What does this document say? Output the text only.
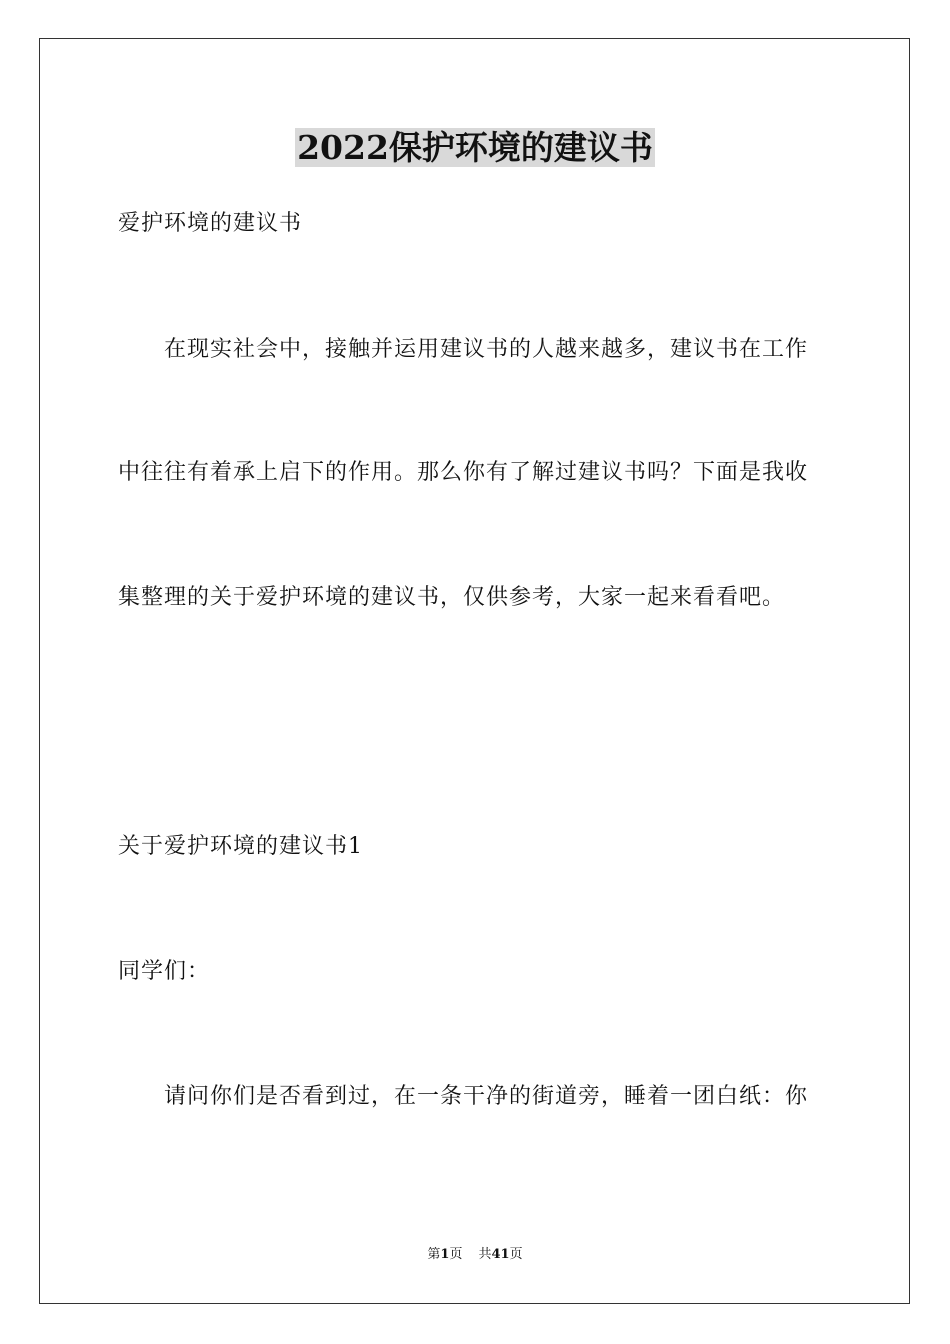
2022保护环境的建议书
爱护环境的建议书
在现实社会中，接触并运用建议书的人越来越多，建议书在工作
中往往有着承上启下的作用。那么你有了解过建议书吗？下面是我收
集整理的关于爱护环境的建议书，仅供参考，大家一起来看看吧。
关于爱护环境的建议书1
同学们：
请问你们是否看到过，在一条干净的街道旁，睡着一团白纸：你
第1页 共41页
